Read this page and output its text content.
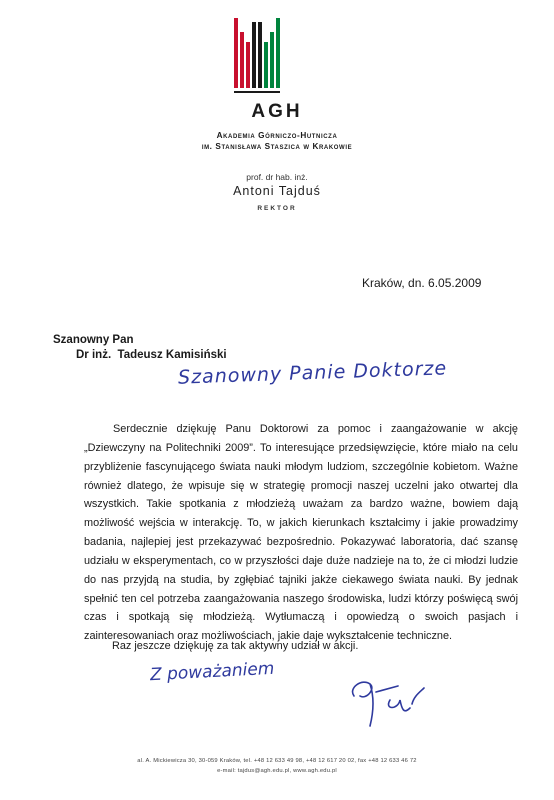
AGH
Akademia Górniczo-Hutnicza
im. Stanisława Staszica w Krakowie
prof. dr hab. inż.
Antoni Tajduś
REKTOR
Kraków, dn. 6.05.2009
Szanowny Pan
Dr inż.  Tadeusz Kamisiński
Szanowny Panie Doktorze

Serdecznie dziękuję Panu Doktorowi za pomoc i zaangażowanie w akcję „Dziewczyny na Politechniki 2009”. To interesujące przedsięwzięcie, które miało na celu przybliżenie fascynującego świata nauki młodym ludziom, szczególnie kobietom. Ważne również dlatego, że wpisuje się w strategię promocji naszej uczelni jako otwartej dla wszystkich. Takie spotkania z młodzieżą uważam za bardzo ważne, bowiem dają możliwość wejścia w interakcję. To, w jakich kierunkach kształcimy i jakie prowadzimy badania, najlepiej jest przekazywać bezpośrednio. Pokazywać laboratoria, dać szansę udziału w eksperymentach, co w przyszłości daje duże nadzieje na to, że ci młodzi ludzie do nas przyjdą na studia, by zgłębiać tajniki jakże ciekawego świata nauki. By jednak spełnić ten cel potrzeba zaangażowania naszego środowiska, ludzi którzy poświęcą swój czas i spotkają się młodzieżą. Wytłumaczą i opowiedzą o swoich pasjach i zainteresowaniach oraz możliwościach, jakie daje wykształcenie techniczne.

Raz jeszcze dziękuję za tak aktywny udział w akcji.
Z poważaniem
al. A. Mickiewicza 30, 30-059 Kraków, tel. +48 12 633 49 98, +48 12 617 20 02, fax +48 12 633 46 72
e-mail: tajdus@agh.edu.pl, www.agh.edu.pl
